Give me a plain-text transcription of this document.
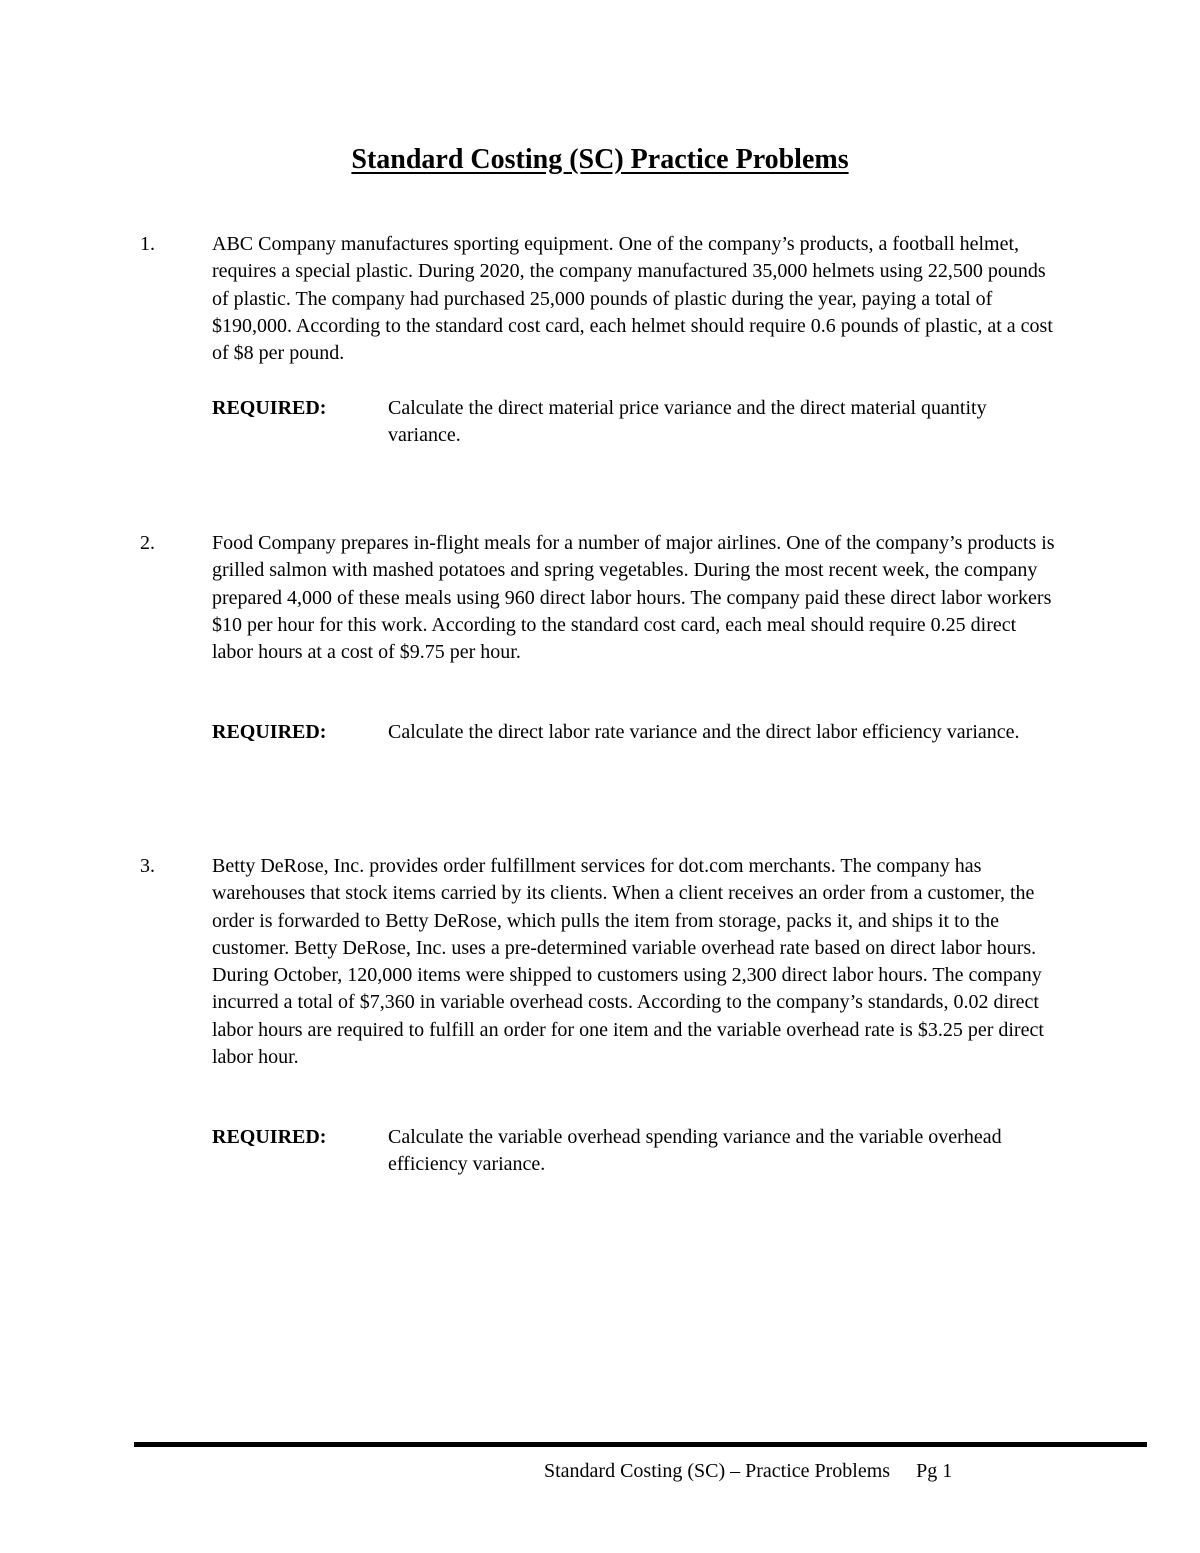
Standard Costing (SC) Practice Problems
1.	ABC Company manufactures sporting equipment. One of the company’s products, a football helmet, requires a special plastic. During 2020, the company manufactured 35,000 helmets using 22,500 pounds of plastic. The company had purchased 25,000 pounds of plastic during the year, paying a total of $190,000. According to the standard cost card, each helmet should require 0.6 pounds of plastic, at a cost of $8 per pound.
REQUIRED:	Calculate the direct material price variance and the direct material quantity variance.
2.	Food Company prepares in-flight meals for a number of major airlines. One of the company’s products is grilled salmon with mashed potatoes and spring vegetables. During the most recent week, the company prepared 4,000 of these meals using 960 direct labor hours. The company paid these direct labor workers $10 per hour for this work. According to the standard cost card, each meal should require 0.25 direct labor hours at a cost of $9.75 per hour.
REQUIRED:	Calculate the direct labor rate variance and the direct labor efficiency variance.
3.	Betty DeRose, Inc. provides order fulfillment services for dot.com merchants. The company has warehouses that stock items carried by its clients. When a client receives an order from a customer, the order is forwarded to Betty DeRose, which pulls the item from storage, packs it, and ships it to the customer. Betty DeRose, Inc. uses a pre-determined variable overhead rate based on direct labor hours. During October, 120,000 items were shipped to customers using 2,300 direct labor hours. The company incurred a total of $7,360 in variable overhead costs. According to the company’s standards, 0.02 direct labor hours are required to fulfill an order for one item and the variable overhead rate is $3.25 per direct labor hour.
REQUIRED:	Calculate the variable overhead spending variance and the variable overhead efficiency variance.
Standard Costing (SC) – Practice Problems Pg 1
